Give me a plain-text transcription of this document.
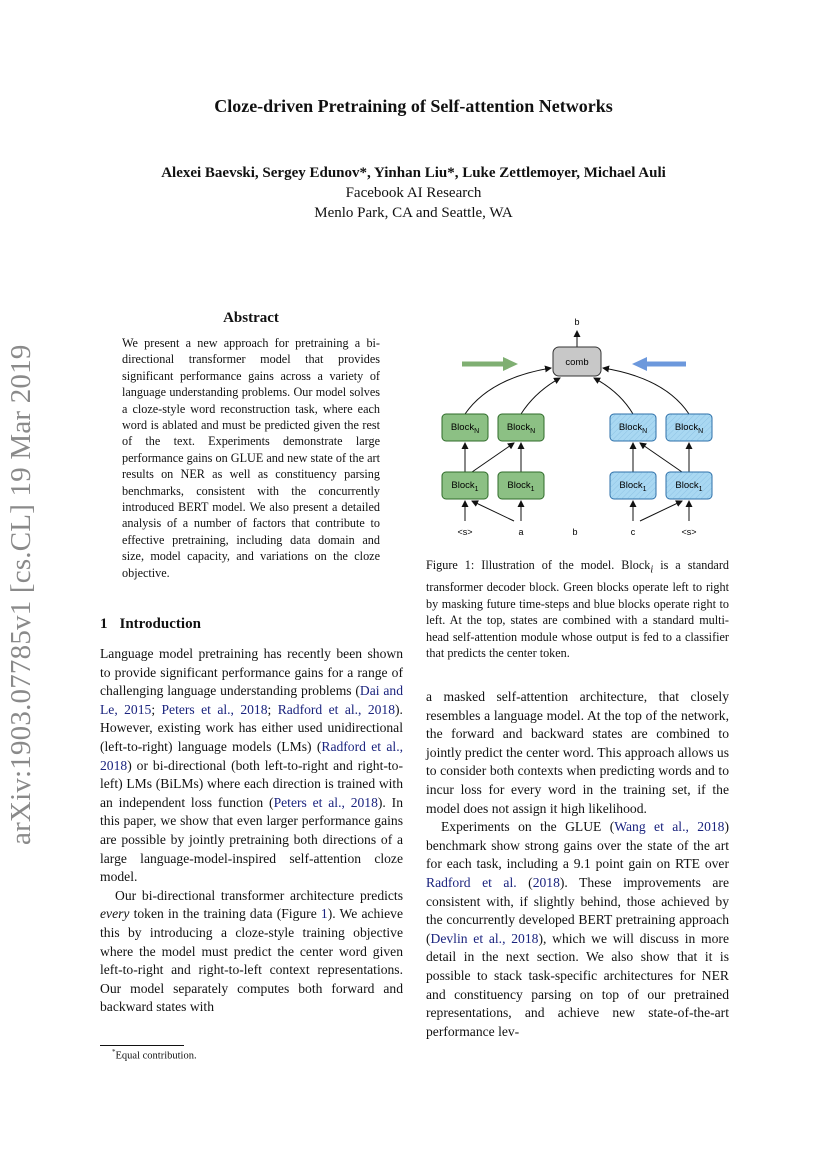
Cloze-driven Pretraining of Self-attention Networks
Alexei Baevski, Sergey Edunov*, Yinhan Liu*, Luke Zettlemoyer, Michael Auli
Facebook AI Research
Menlo Park, CA and Seattle, WA
arXiv:1903.07785v1 [cs.CL] 19 Mar 2019
Abstract
We present a new approach for pretraining a bi-directional transformer model that provides significant performance gains across a variety of language understanding problems. Our model solves a cloze-style word reconstruction task, where each word is ablated and must be predicted given the rest of the text. Experiments demonstrate large performance gains on GLUE and new state of the art results on NER as well as constituency parsing benchmarks, consistent with the concurrently introduced BERT model. We also present a detailed analysis of a number of factors that contribute to effective pretraining, including data domain and size, model capacity, and variations on the cloze objective.
1 Introduction

Language model pretraining has recently been shown to provide significant performance gains for a range of challenging language understanding problems (Dai and Le, 2015; Peters et al., 2018; Radford et al., 2018). However, existing work has either used unidirectional (left-to-right) language models (LMs) (Radford et al., 2018) or bi-directional (both left-to-right and right-to-left) LMs (BiLMs) where each direction is trained with an independent loss function (Peters et al., 2018). In this paper, we show that even larger performance gains are possible by jointly pretraining both directions of a large language-model-inspired self-attention cloze model.

Our bi-directional transformer architecture predicts every token in the training data (Figure 1). We achieve this by introducing a cloze-style training objective where the model must predict the center word given left-to-right and right-to-left context representations. Our model separately computes both forward and backward states with

*Equal contribution.
b
comb
Block$_N$	Block$_N$	Block$_N$	Block$_N$
Block$_1$	Block$_1$	Block$_1$	Block$_1$
<s>	a	b	c	<s>
Figure 1: Illustration of the model. Block$_i$ is a standard transformer decoder block. Green blocks operate left to right by masking future time-steps and blue blocks operate right to left. At the top, states are combined with a standard multi-head self-attention module whose output is fed to a classifier that predicts the center token.

a masked self-attention architecture, that closely resembles a language model. At the top of the network, the forward and backward states are combined to jointly predict the center word. This approach allows us to consider both contexts when predicting words and to incur loss for every word in the training set, if the model does not assign it high likelihood.

Experiments on the GLUE (Wang et al., 2018) benchmark show strong gains over the state of the art for each task, including a 9.1 point gain on RTE over Radford et al. (2018). These improvements are consistent with, if slightly behind, those achieved by the concurrently developed BERT pretraining approach (Devlin et al., 2018), which we will discuss in more detail in the next section. We also show that it is possible to stack task-specific architectures for NER and constituency parsing on top of our pretrained representations, and achieve new state-of-the-art performance lev-
